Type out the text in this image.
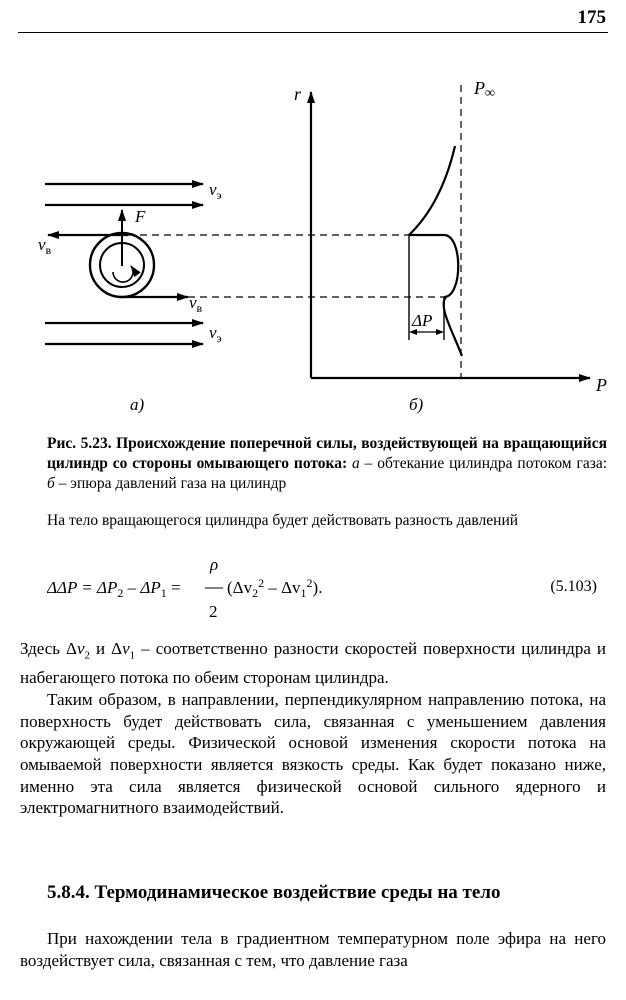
175
$v_э$
F
$v_в$
$v_в$
$v_э$
r
P
P∞
ΔP
а)	б)
Рис. 5.23. Происхождение поперечной силы, воздействующей на вращающийся цилиндр со стороны омывающего потока: а – обтекание цилиндра потоком газа: б – эпюра давлений газа на цилиндр
На тело вращающегося цилиндра будет действовать разность давлений
$\Delta\Delta P = \Delta P_2 - \Delta P_1$ =
ρ
2
$(\Delta v_2^2 - \Delta v_1^2)$.	(5.103)

Здесь $\Delta v_2$ и $\Delta v_1$ – соответственно разности скоростей поверхности цилиндра и набегающего потока по обеим сторонам цилиндра.

Таким образом, в направлении, перпендикулярном направлению потока, на поверхность будет действовать сила, связанная с уменьшением давления окружающей среды. Физической основой изменения скорости потока на омываемой поверхности является вязкость среды. Как будет показано ниже, именно эта сила является физической основой сильного ядерного и электромагнитного взаимодействий.

5.8.4. Термодинамическое воздействие среды на тело

При нахождении тела в градиентном температурном поле эфира на него воздействует сила, связанная с тем, что давление газа
